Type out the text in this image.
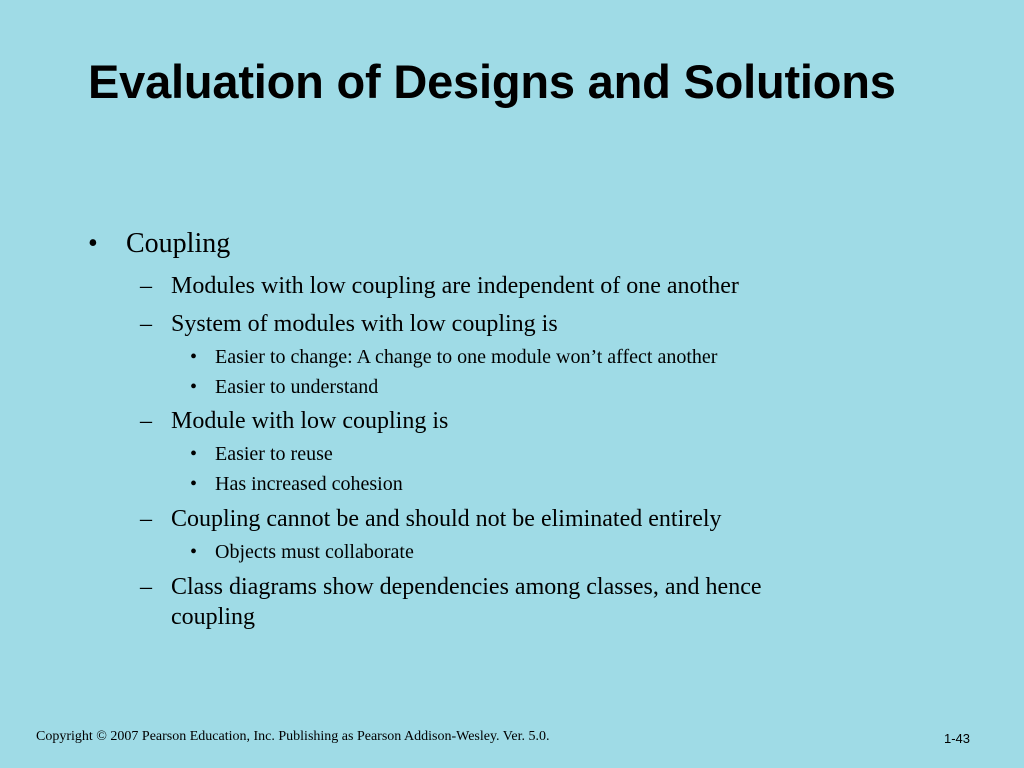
Evaluation of Designs and Solutions
• Coupling
– Modules with low coupling are independent of one another
– System of modules with low coupling is
• Easier to change: A change to one module won’t affect another
• Easier to understand
– Module with low coupling is
• Easier to reuse
• Has increased cohesion
– Coupling cannot be and should not be eliminated entirely
• Objects must collaborate
– Class diagrams show dependencies among classes, and hence
coupling
Copyright © 2007 Pearson Education, Inc. Publishing as Pearson Addison-Wesley. Ver. 5.0.	1-43
